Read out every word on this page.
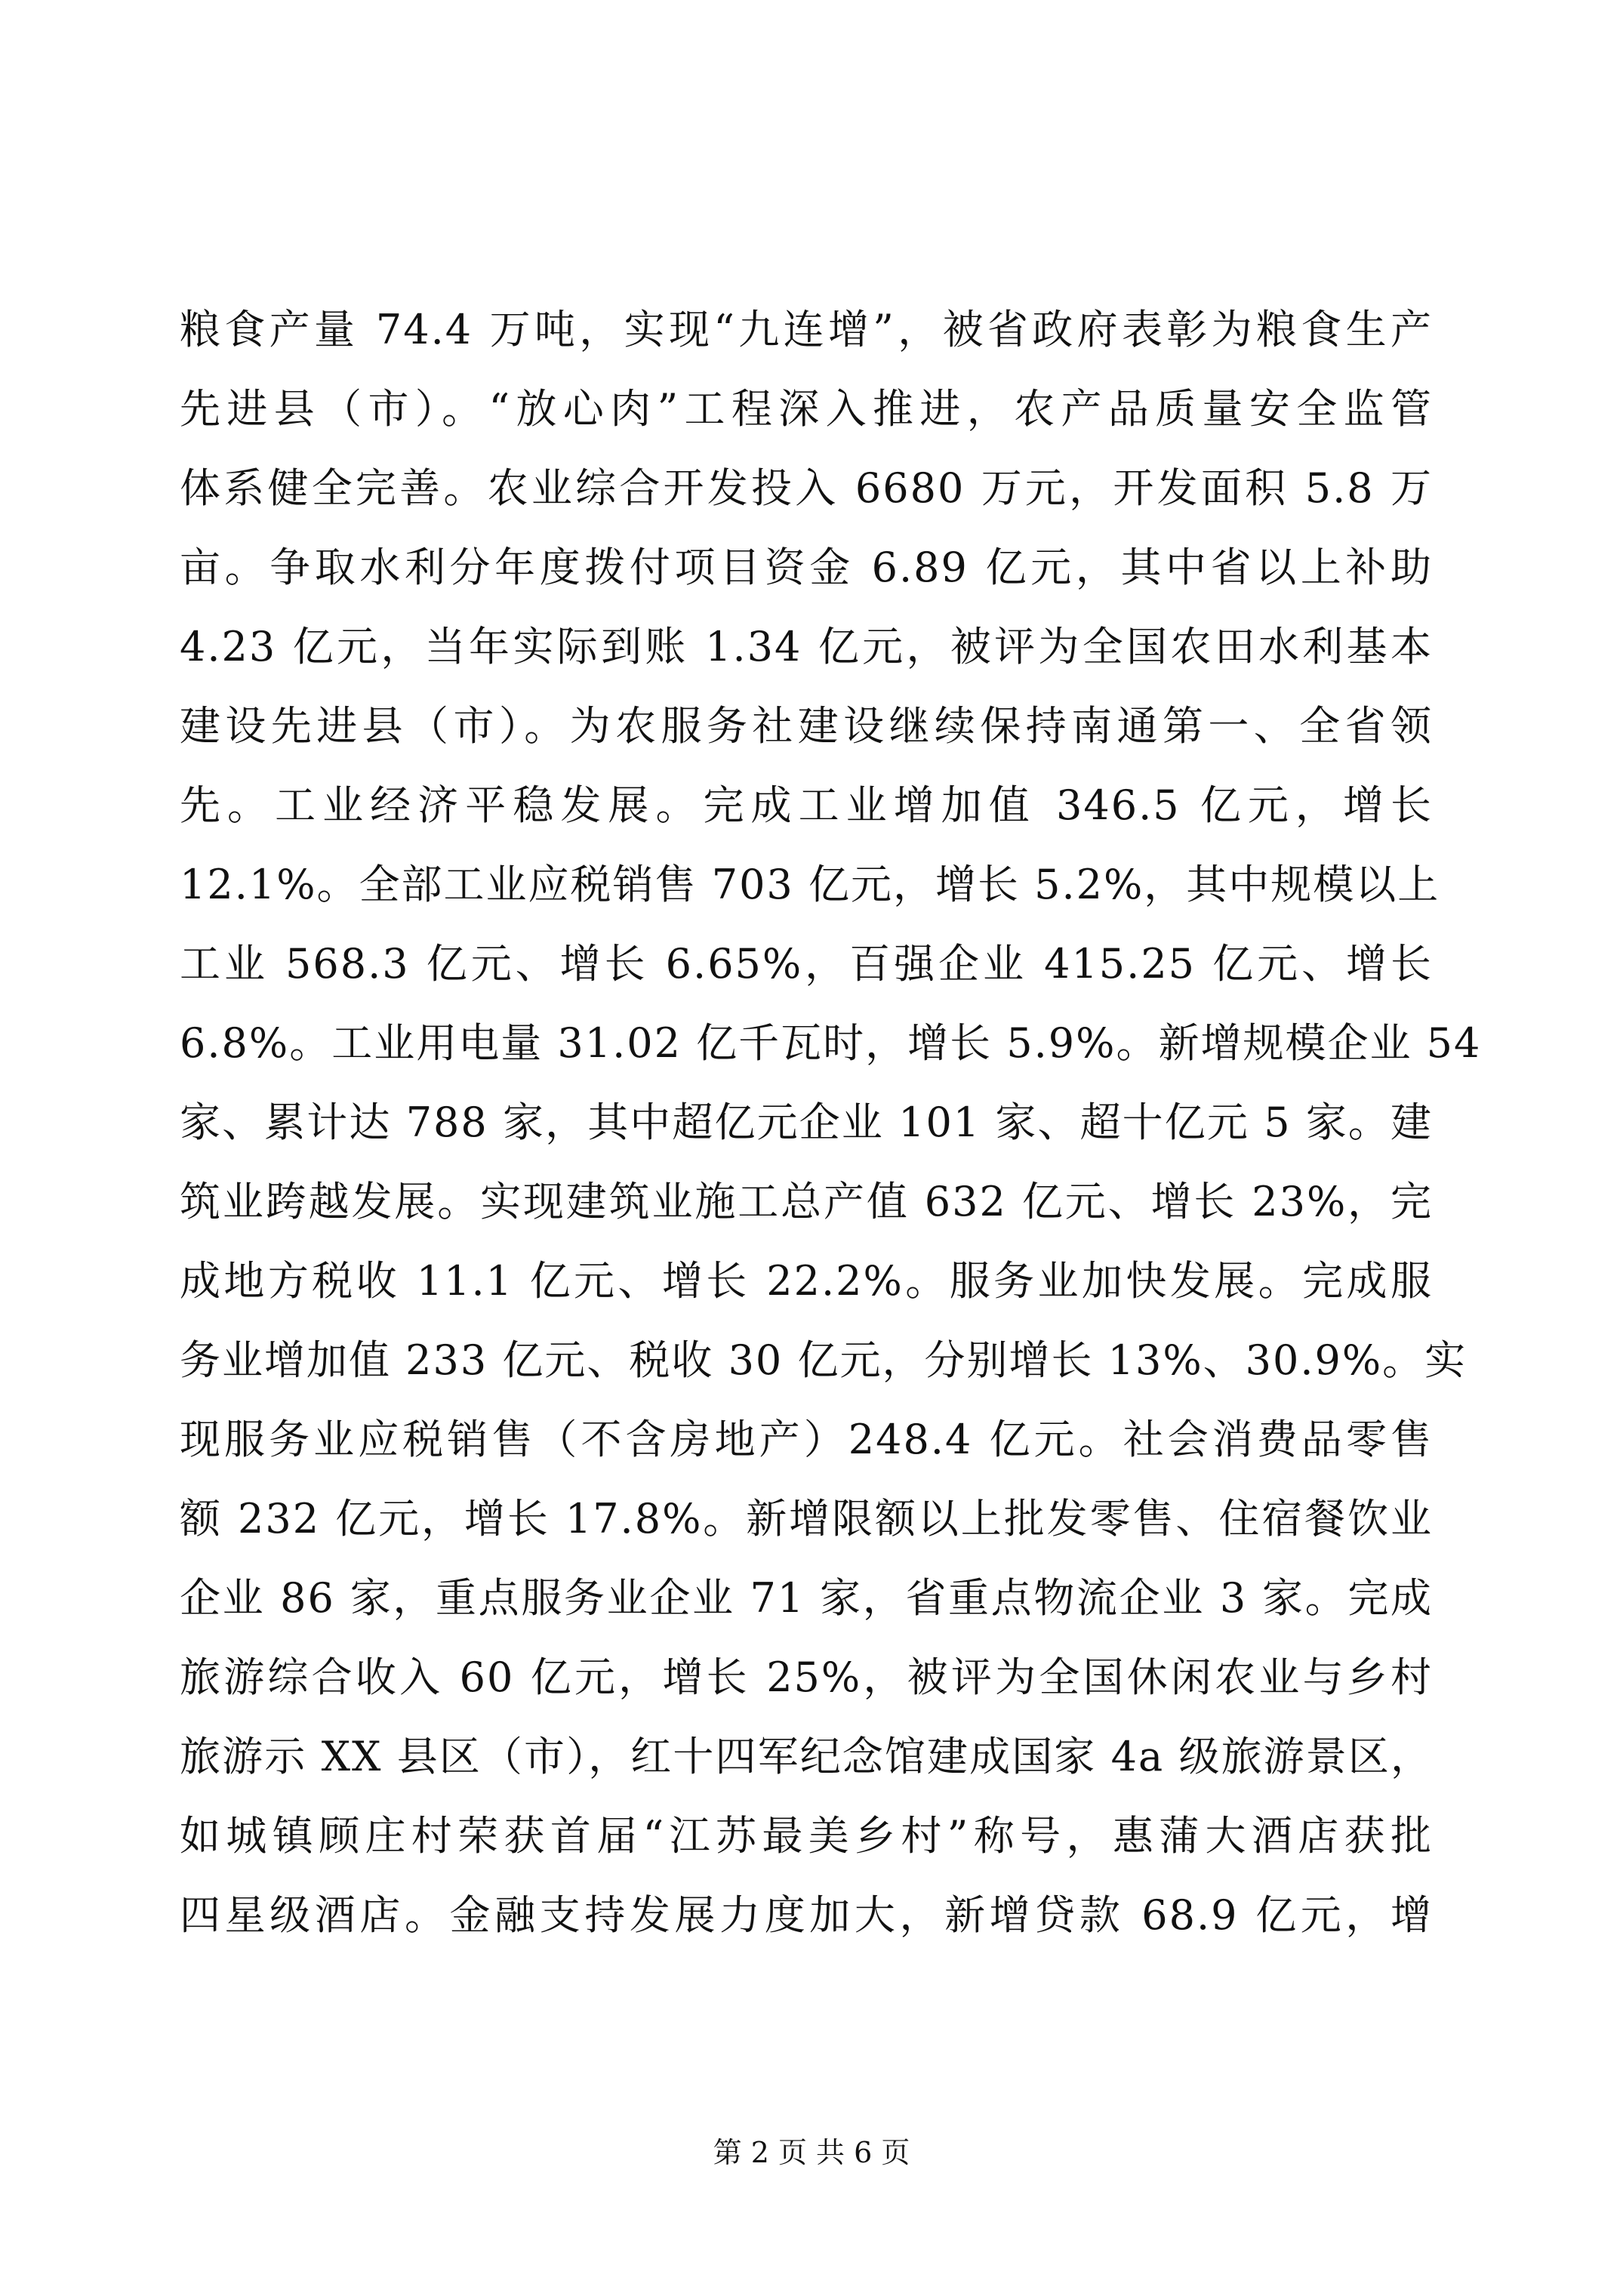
粮食产量 74.4 万吨，实现“九连增”，被省政府表彰为粮食生产
先进县（市）。“放心肉”工程深入推进，农产品质量安全监管
体系健全完善。农业综合开发投入 6680 万元，开发面积 5.8 万
亩。争取水利分年度拨付项目资金 6.89 亿元，其中省以上补助
4.23 亿元，当年实际到账 1.34 亿元，被评为全国农田水利基本
建设先进县（市）。为农服务社建设继续保持南通第一、全省领
先。工业经济平稳发展。完成工业增加值 346.5 亿元，增长
12.1%。全部工业应税销售 703 亿元，增长 5.2%，其中规模以上
工业 568.3 亿元、增长 6.65%，百强企业 415.25 亿元、增长
6.8%。工业用电量 31.02 亿千瓦时，增长 5.9%。新增规模企业 54
家、累计达 788 家，其中超亿元企业 101 家、超十亿元 5 家。建
筑业跨越发展。实现建筑业施工总产值 632 亿元、增长 23%，完
成地方税收 11.1 亿元、增长 22.2%。服务业加快发展。完成服
务业增加值 233 亿元、税收 30 亿元，分别增长 13%、30.9%。实
现服务业应税销售（不含房地产）248.4 亿元。社会消费品零售
额 232 亿元，增长 17.8%。新增限额以上批发零售、住宿餐饮业
企业 86 家，重点服务业企业 71 家，省重点物流企业 3 家。完成
旅游综合收入 60 亿元，增长 25%，被评为全国休闲农业与乡村
旅游示 XX 县区（市），红十四军纪念馆建成国家 4a 级旅游景区，
如城镇顾庄村荣获首届“江苏最美乡村”称号，惠蒲大酒店获批
四星级酒店。金融支持发展力度加大，新增贷款 68.9 亿元，增
第 2 页 共 6 页
